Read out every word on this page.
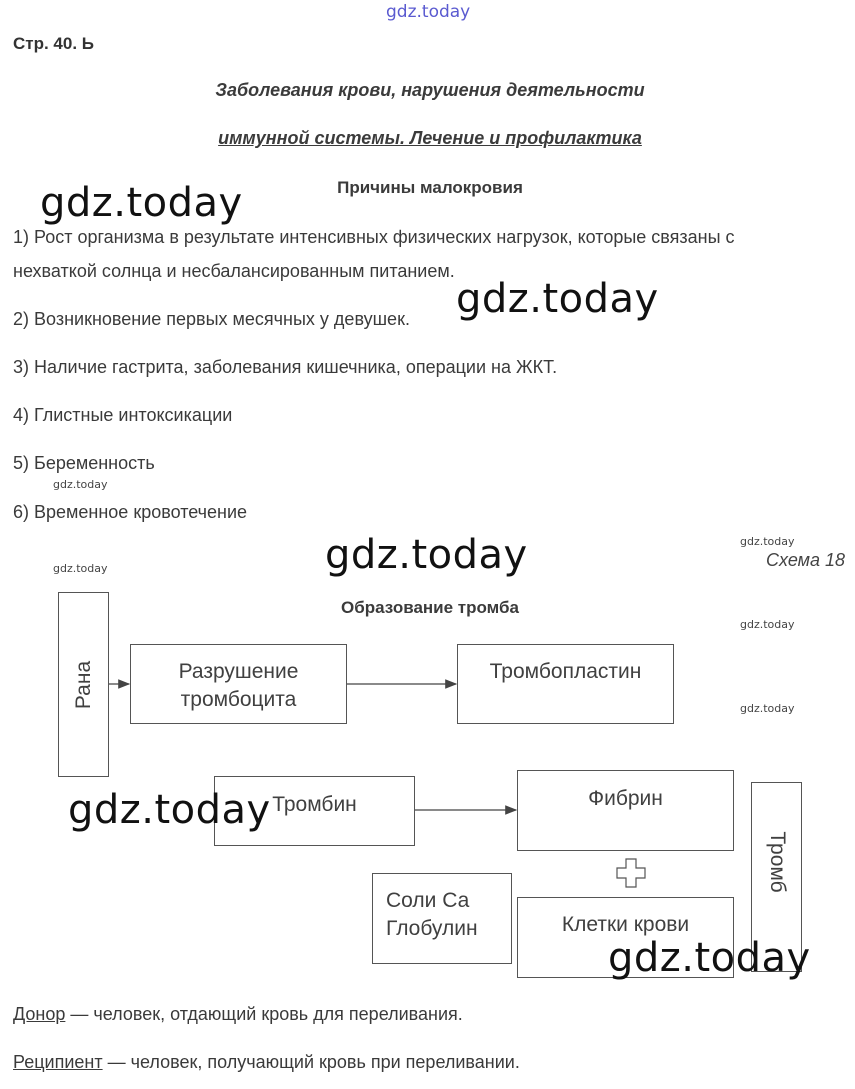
gdz.today
gdz.today
gdz.today
gdz.today
gdz.today	gdz.today
gdz.today
gdz.today
gdz.today
Стр. 40. Ь
Заболевания крови, нарушения деятельности
иммунной системы. Лечение и профилактика
Причины малокровия
1) Рост организма в результате интенсивных физических нагрузок, которые связаны с
нехваткой солнца и несбалансированным питанием.
2) Возникновение первых месячных у девушек.
3) Наличие гастрита, заболевания кишечника, операции на ЖКТ.
4) Глистные интоксикации
5) Беременность
6) Временное кровотечение
Схема 18
Образование тромба
Рана	Разрушение
тромбоцита
Тромбопластин
Тромбин	Фибрин
Соли Са
Глобулин	Клетки крови
Тромб
gdz.today
gdz.today
Донор — человек, отдающий кровь для переливания.
Реципиент — человек, получающий кровь при переливании.
